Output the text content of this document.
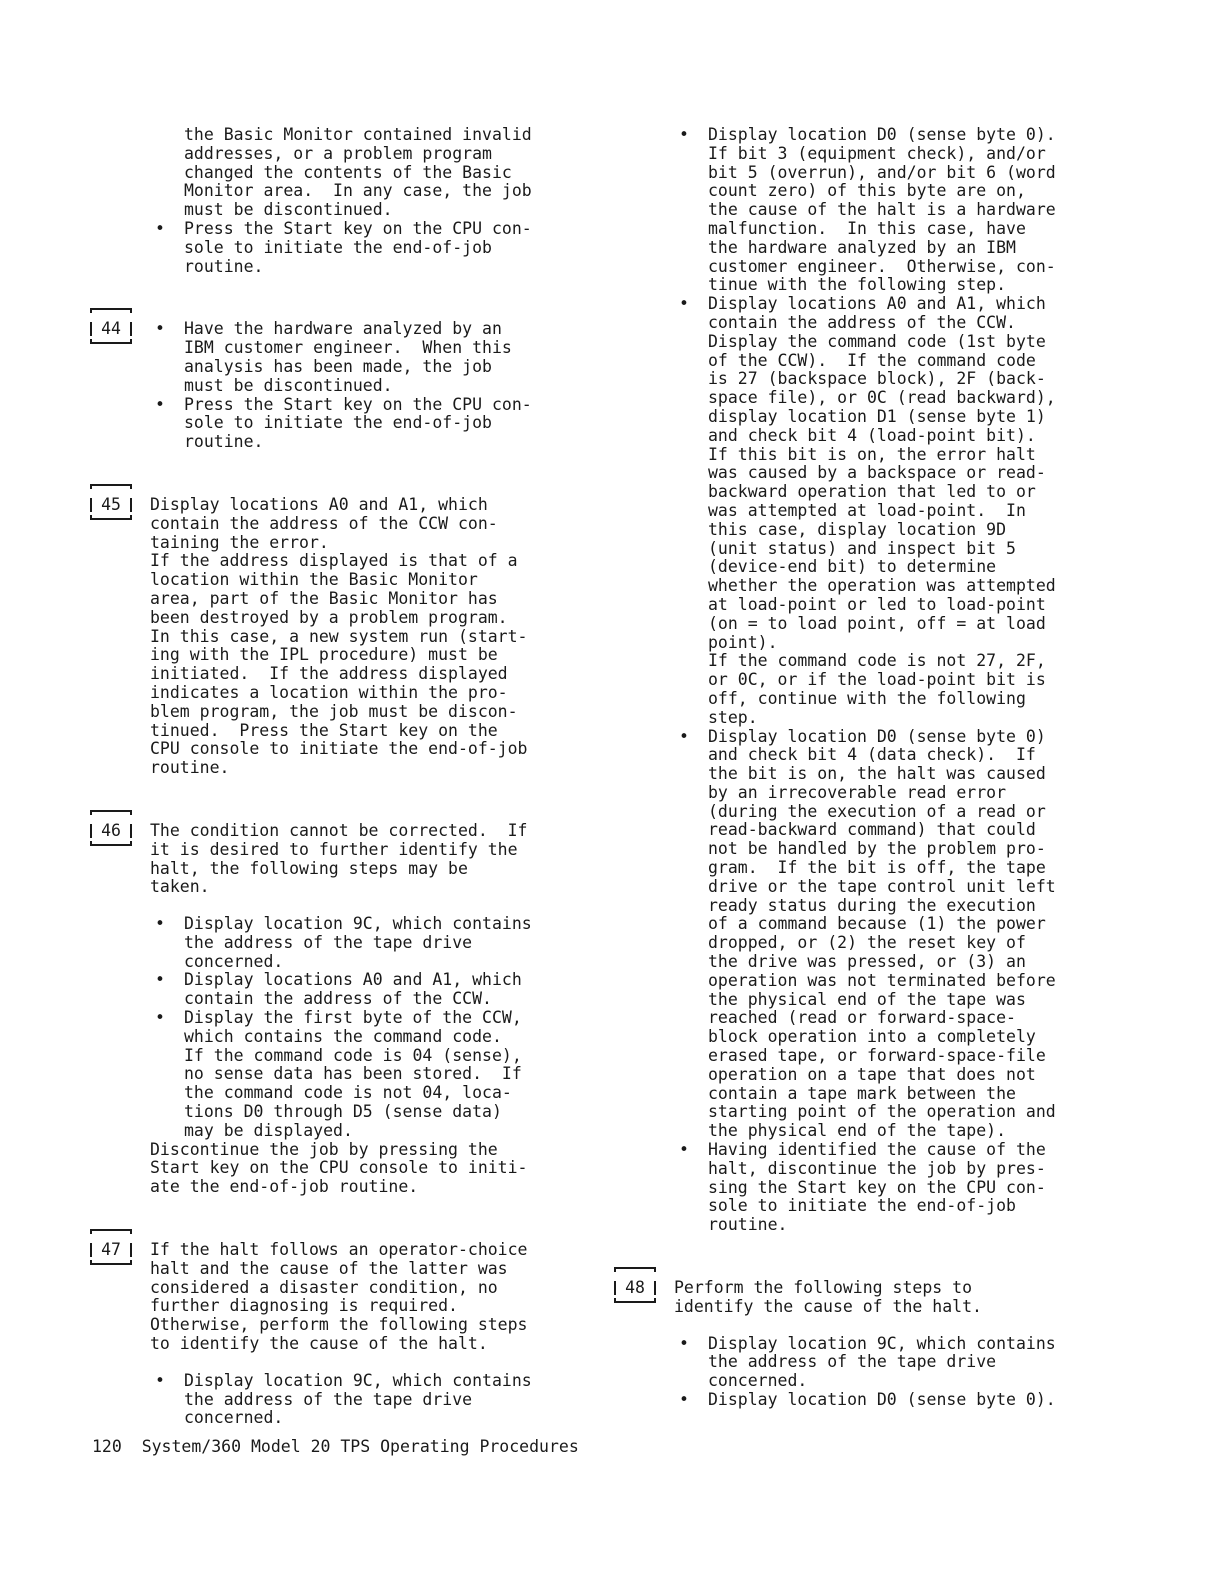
the Basic Monitor contained invalid
addresses, or a problem program
changed the contents of the Basic
Monitor area.  In any case, the job
must be discontinued.

•	Press the Start key on the CPU con-
sole to initiate the end-of-job
routine.

44	•	Have the hardware analyzed by an
IBM customer engineer.  When this
analysis has been made, the job
must be discontinued.

•	Press the Start key on the CPU con-
sole to initiate the end-of-job
routine.

45	Display locations A0 and A1, which
contain the address of the CCW con-
taining the error.
If the address displayed is that of a
location within the Basic Monitor
area, part of the Basic Monitor has
been destroyed by a problem program.
In this case, a new system run (start-
ing with the IPL procedure) must be
initiated.  If the address displayed
indicates a location within the pro-
blem program, the job must be discon-
tinued.  Press the Start key on the
CPU console to initiate the end-of-job
routine.

46	The condition cannot be corrected.  If
it is desired to further identify the
halt, the following steps may be
taken.

•	Display location 9C, which contains
the address of the tape drive
concerned.

•	Display locations A0 and A1, which
contain the address of the CCW.

•	Display the first byte of the CCW,
which contains the command code.
If the command code is 04 (sense),
no sense data has been stored.  If
the command code is not 04, loca-
tions D0 through D5 (sense data)
may be displayed.

Discontinue the job by pressing the
Start key on the CPU console to initi-
ate the end-of-job routine.

47	If the halt follows an operator-choice
halt and the cause of the latter was
considered a disaster condition, no
further diagnosing is required.
Otherwise, perform the following steps
to identify the cause of the halt.

•	Display location 9C, which contains
the address of the tape drive
concerned.

•	Display location D0 (sense byte 0).
If bit 3 (equipment check), and/or
bit 5 (overrun), and/or bit 6 (word
count zero) of this byte are on,
the cause of the halt is a hardware
malfunction.  In this case, have
the hardware analyzed by an IBM
customer engineer.  Otherwise, con-
tinue with the following step.

•	Display locations A0 and A1, which
contain the address of the CCW.
Display the command code (1st byte
of the CCW).  If the command code
is 27 (backspace block), 2F (back-
space file), or 0C (read backward),
display location D1 (sense byte 1)
and check bit 4 (load-point bit).
If this bit is on, the error halt
was caused by a backspace or read-
backward operation that led to or
was attempted at load-point.  In
this case, display location 9D
(unit status) and inspect bit 5
(device-end bit) to determine
whether the operation was attempted
at load-point or led to load-point
(on = to load point, off = at load
point).
If the command code is not 27, 2F,
or 0C, or if the load-point bit is
off, continue with the following
step.

•	Display location D0 (sense byte 0)
and check bit 4 (data check).  If
the bit is on, the halt was caused
by an irrecoverable read error
(during the execution of a read or
read-backward command) that could
not be handled by the problem pro-
gram.  If the bit is off, the tape
drive or the tape control unit left
ready status during the execution
of a command because (1) the power
dropped, or (2) the reset key of
the drive was pressed, or (3) an
operation was not terminated before
the physical end of the tape was
reached (read or forward-space-
block operation into a completely
erased tape, or forward-space-file
operation on a tape that does not
contain a tape mark between the
starting point of the operation and
the physical end of the tape).

•	Having identified the cause of the
halt, discontinue the job by pres-
sing the Start key on the CPU con-
sole to initiate the end-of-job
routine.

48	Perform the following steps to
identify the cause of the halt.

•	Display location 9C, which contains
the address of the tape drive
concerned.

•	Display location D0 (sense byte 0).

120 System/360 Model 20 TPS Operating Procedures
